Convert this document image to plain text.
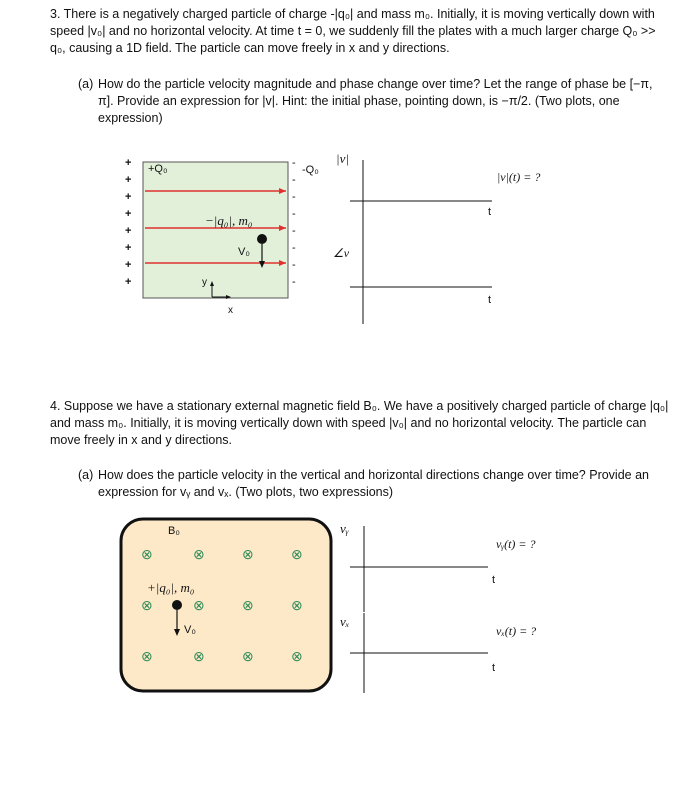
3. There is a negatively charged particle of charge -|q₀| and mass m₀. Initially, it is moving vertically down with speed |v₀| and no horizontal velocity. At time t = 0, we suddenly fill the plates with a much larger charge Q₀ >> q₀, causing a 1D field. The particle can move freely in x and y directions.
(a) How do the particle velocity magnitude and phase change over time? Let the range of phase be [−π, π]. Provide an expression for |v|. Hint: the initial phase, pointing down, is −π/2. (Two plots, one expression)
+
+
+
+
+
+
+
+
-
-
-
-
-
-
-
-
+Q₀	-Q₀
−|q₀|, m₀
V₀
y
x
|v|
|v|(t) = ?
t
∠v
t
4. Suppose we have a stationary external magnetic field B₀. We have a positively charged particle of charge |q₀| and mass m₀. Initially, it is moving vertically down with speed |v₀| and no horizontal velocity. The particle can move freely in x and y directions.
(a) How does the particle velocity in the vertical and horizontal directions change over time? Provide an expression for vᵧ and vₓ. (Two plots, two expressions)
B₀
+|q₀|, m₀
V₀
⊗	⊗	⊗	⊗
⊗	⊗	⊗	⊗
⊗	⊗	⊗	⊗
vᵧ
vᵧ(t) = ?
t
vₓ
vₓ(t) = ?
t
